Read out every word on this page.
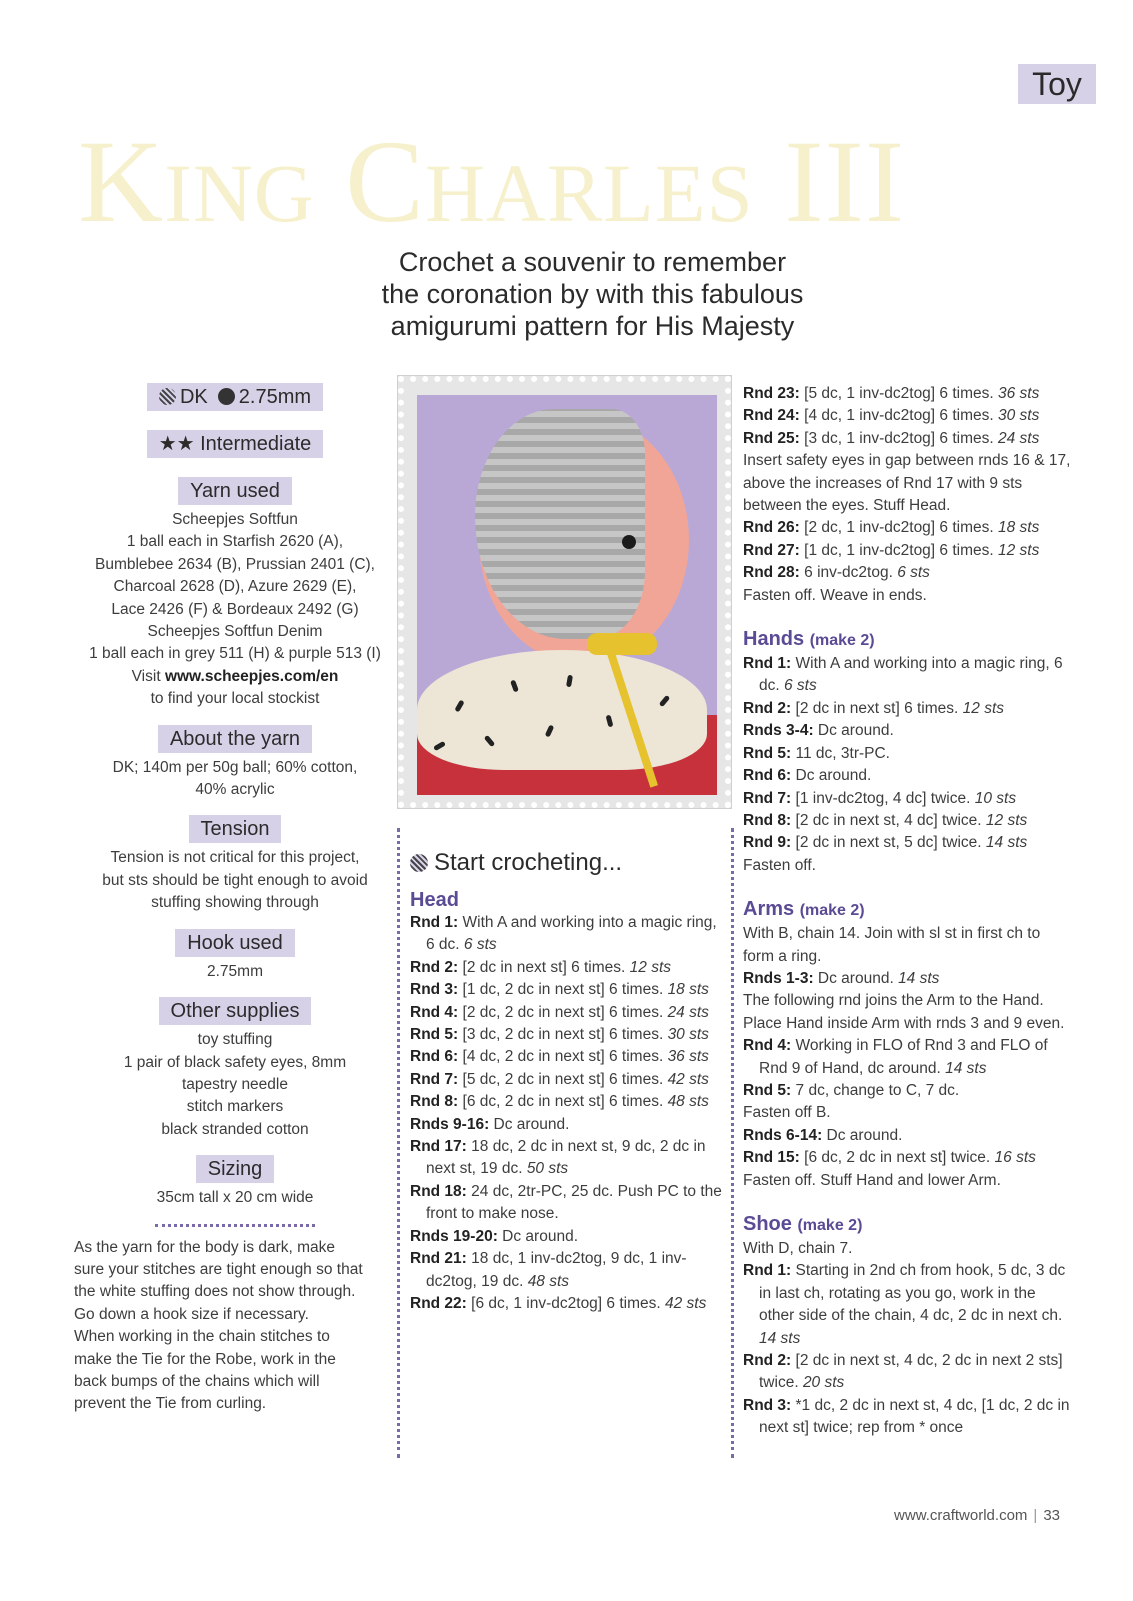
Toy
King Charles III
Crochet a souvenir to remember
the coronation by with this fabulous
amigurumi pattern for His Majesty
DK 2.75mm
★★ Intermediate
Yarn used
Scheepjes Softfun
1 ball each in Starfish 2620 (A),
Bumblebee 2634 (B), Prussian 2401 (C),
Charcoal 2628 (D), Azure 2629 (E),
Lace 2426 (F) & Bordeaux 2492 (G)
Scheepjes Softfun Denim
1 ball each in grey 511 (H) & purple 513 (I)
Visit www.scheepjes.com/en
to find your local stockist
About the yarn
DK; 140m per 50g ball; 60% cotton,
40% acrylic
Tension
Tension is not critical for this project,
but sts should be tight enough to avoid
stuffing showing through
Hook used
2.75mm
Other supplies
toy stuffing
1 pair of black safety eyes, 8mm
tapestry needle
stitch markers
black stranded cotton
Sizing
35cm tall x 20 cm wide
As the yarn for the body is dark, make
sure your stitches are tight enough so that
the white stuffing does not show through.
Go down a hook size if necessary.
When working in the chain stitches to
make the Tie for the Robe, work in the
back bumps of the chains which will
prevent the Tie from curling.
Start crocheting...
Head
Rnd 1: With A and working into a magic ring, 6 dc. 6 sts
Rnd 2: [2 dc in next st] 6 times. 12 sts
Rnd 3: [1 dc, 2 dc in next st] 6 times. 18 sts
Rnd 4: [2 dc, 2 dc in next st] 6 times. 24 sts
Rnd 5: [3 dc, 2 dc in next st] 6 times. 30 sts
Rnd 6: [4 dc, 2 dc in next st] 6 times. 36 sts
Rnd 7: [5 dc, 2 dc in next st] 6 times. 42 sts
Rnd 8: [6 dc, 2 dc in next st] 6 times. 48 sts
Rnds 9-16: Dc around.
Rnd 17: 18 dc, 2 dc in next st, 9 dc, 2 dc in next st, 19 dc. 50 sts
Rnd 18: 24 dc, 2tr-PC, 25 dc. Push PC to the front to make nose.
Rnds 19-20: Dc around.
Rnd 21: 18 dc, 1 inv-dc2tog, 9 dc, 1 inv-dc2tog, 19 dc. 48 sts
Rnd 22: [6 dc, 1 inv-dc2tog] 6 times. 42 sts
Rnd 23: [5 dc, 1 inv-dc2tog] 6 times. 36 sts
Rnd 24: [4 dc, 1 inv-dc2tog] 6 times. 30 sts
Rnd 25: [3 dc, 1 inv-dc2tog] 6 times. 24 sts
Insert safety eyes in gap between rnds 16 & 17, above the increases of Rnd 17 with 9 sts between the eyes. Stuff Head.
Rnd 26: [2 dc, 1 inv-dc2tog] 6 times. 18 sts
Rnd 27: [1 dc, 1 inv-dc2tog] 6 times. 12 sts
Rnd 28: 6 inv-dc2tog. 6 sts
Fasten off. Weave in ends.
Hands (make 2)
Rnd 1: With A and working into a magic ring, 6 dc. 6 sts
Rnd 2: [2 dc in next st] 6 times. 12 sts
Rnds 3-4: Dc around.
Rnd 5: 11 dc, 3tr-PC.
Rnd 6: Dc around.
Rnd 7: [1 inv-dc2tog, 4 dc] twice. 10 sts
Rnd 8: [2 dc in next st, 4 dc] twice. 12 sts
Rnd 9: [2 dc in next st, 5 dc] twice. 14 sts
Fasten off.
Arms (make 2)
With B, chain 14. Join with sl st in first ch to form a ring.
Rnds 1-3: Dc around. 14 sts
The following rnd joins the Arm to the Hand. Place Hand inside Arm with rnds 3 and 9 even.
Rnd 4: Working in FLO of Rnd 3 and FLO of Rnd 9 of Hand, dc around. 14 sts
Rnd 5: 7 dc, change to C, 7 dc.
Fasten off B.
Rnds 6-14: Dc around.
Rnd 15: [6 dc, 2 dc in next st] twice. 16 sts
Fasten off. Stuff Hand and lower Arm.
Shoe (make 2)
With D, chain 7.
Rnd 1: Starting in 2nd ch from hook, 5 dc, 3 dc in last ch, rotating as you go, work in the other side of the chain, 4 dc, 2 dc in next ch. 14 sts
Rnd 2: [2 dc in next st, 4 dc, 2 dc in next 2 sts] twice. 20 sts
Rnd 3: *1 dc, 2 dc in next st, 4 dc, [1 dc, 2 dc in next st] twice; rep from * once
www.craftworld.com | 33
